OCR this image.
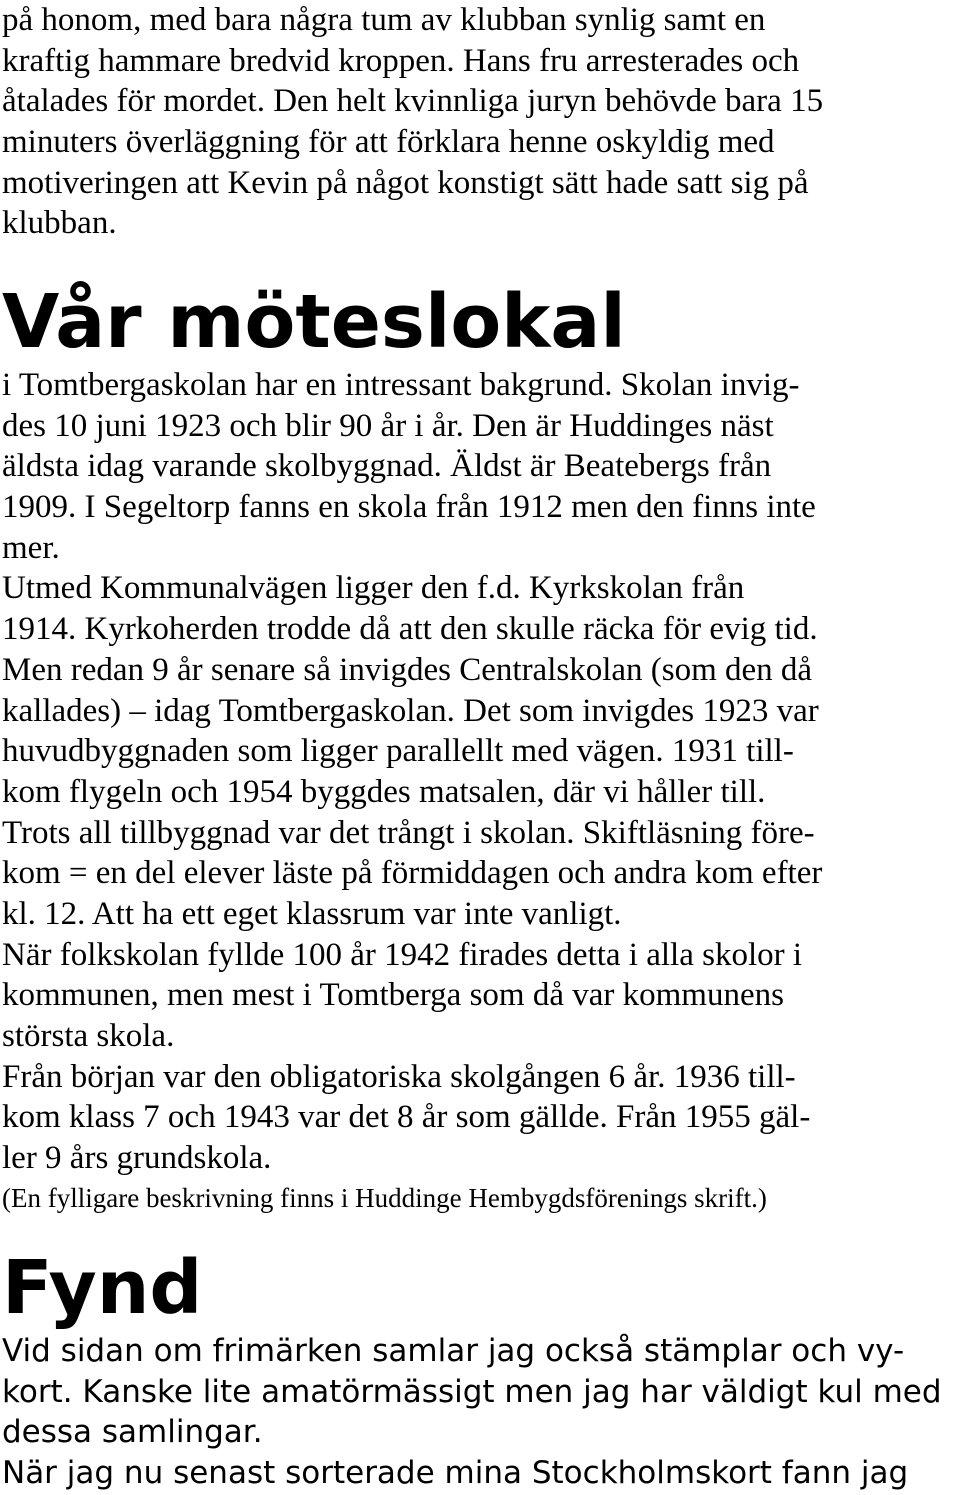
på honom, med bara några tum av klubban synlig samt en
kraftig hammare bredvid kroppen. Hans fru arresterades och
åtalades för mordet. Den helt kvinnliga juryn behövde bara 15
minuters överläggning för att förklara henne oskyldig med
motiveringen att Kevin på något konstigt sätt hade satt sig på
klubban.
Vår möteslokal
i Tomtbergaskolan har en intressant bakgrund. Skolan invig-
des 10 juni 1923 och blir 90 år i år. Den är Huddinges näst
äldsta idag varande skolbyggnad. Äldst är Beatebergs från
1909. I Segeltorp fanns en skola från 1912 men den finns inte
mer.
Utmed Kommunalvägen ligger den f.d. Kyrkskolan från
1914. Kyrkoherden trodde då att den skulle räcka för evig tid.
Men redan 9 år senare så invigdes Centralskolan (som den då
kallades) – idag Tomtbergaskolan. Det som invigdes 1923 var
huvudbyggnaden som ligger parallellt med vägen. 1931 till-
kom flygeln och 1954 byggdes matsalen, där vi håller till.
Trots all tillbyggnad var det trångt i skolan. Skiftläsning före-
kom = en del elever läste på förmiddagen och andra kom efter
kl. 12. Att ha ett eget klassrum var inte vanligt.
När folkskolan fyllde 100 år 1942 firades detta i alla skolor i
kommunen, men mest i Tomtberga som då var kommunens
största skola.
Från början var den obligatoriska skolgången 6 år. 1936 till-
kom klass 7 och 1943 var det 8 år som gällde. Från 1955 gäl-
ler 9 års grundskola.
(En fylligare beskrivning finns i Huddinge Hembygdsförenings skrift.)
Fynd
Vid sidan om frimärken samlar jag också stämplar och vy-
kort. Kanske lite amatörmässigt men jag har väldigt kul med
dessa samlingar.
När jag nu senast sorterade mina Stockholmskort fann jag
